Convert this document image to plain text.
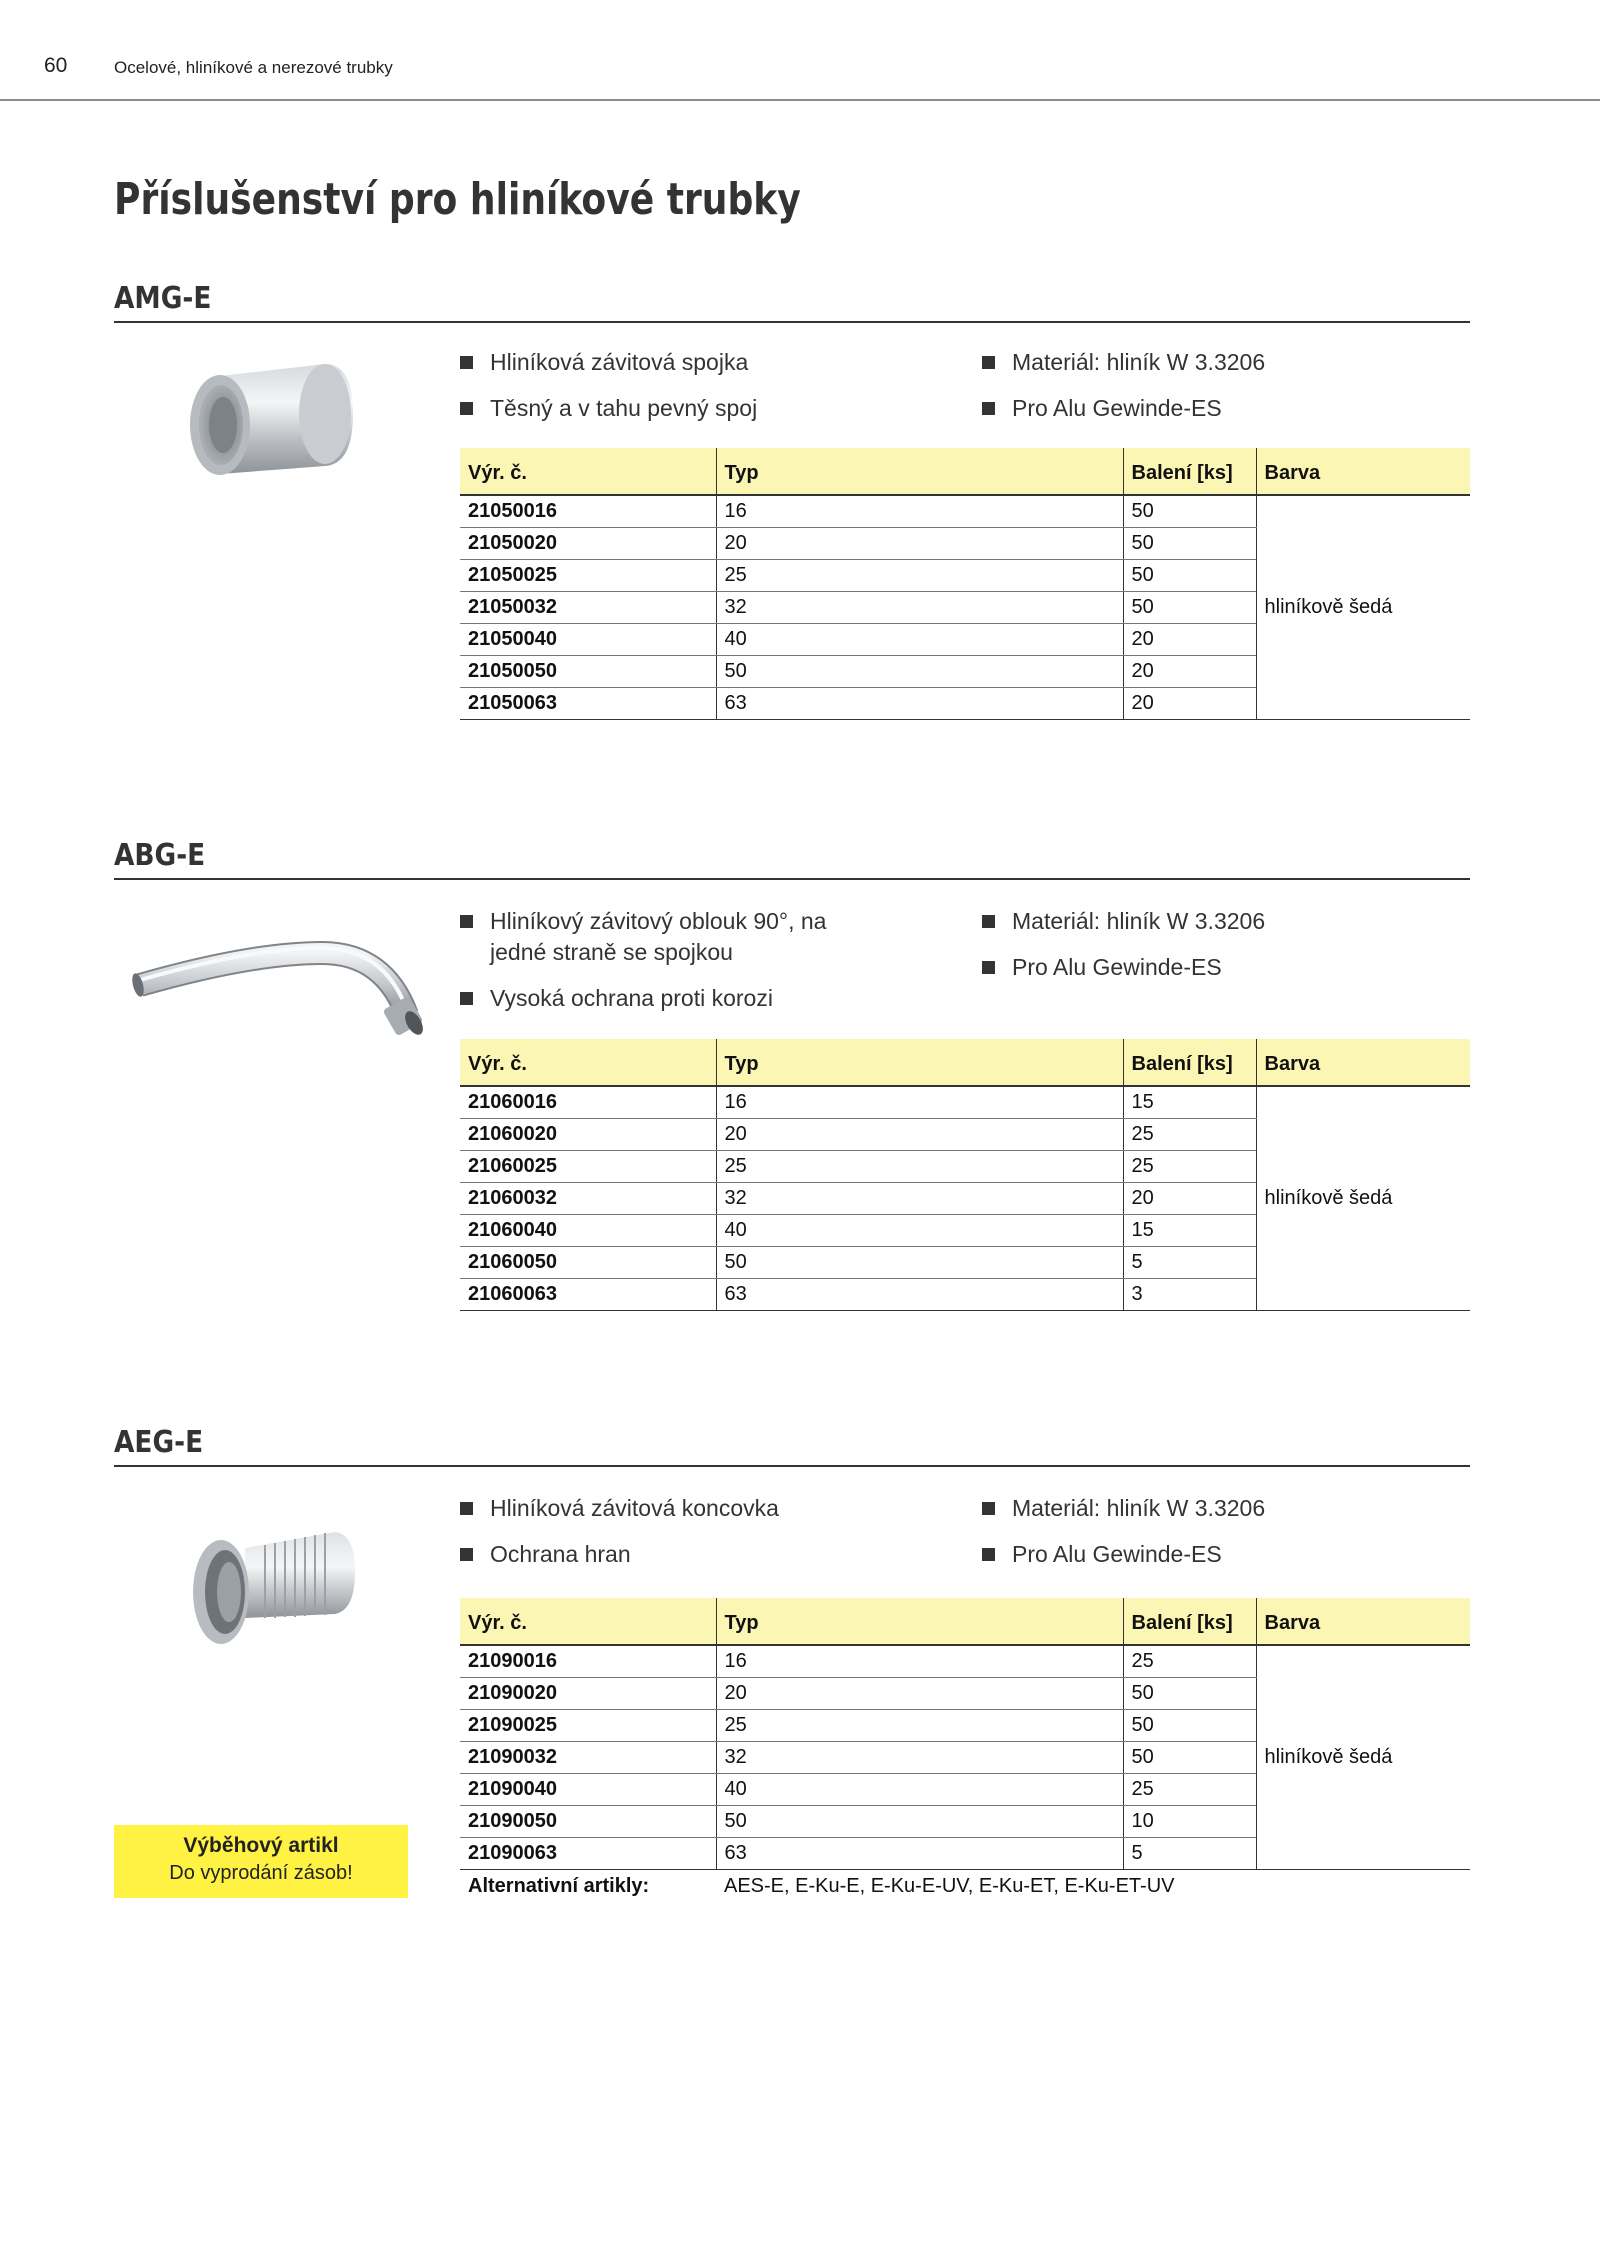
60	Ocelové, hliníkové a nerezové trubky
Příslušenství pro hliníkové trubky
AMG-E
Hliníková závitová spojka
Těsný a v tahu pevný spoj
Materiál: hliník W 3.3206
Pro Alu Gewinde-ES
Výr. č.	Typ	Balení [ks]	Barva
21050016	16	50	hliníkově šedá
21050020	20	50	
21050025	25	50	
21050032	32	50	
21050040	40	20	
21050050	50	20	
21050063	63	20	
ABG-E
Hliníkový závitový oblouk 90°, na jedné straně se spojkou
Vysoká ochrana proti korozi
Materiál: hliník W 3.3206
Pro Alu Gewinde-ES
Výr. č.	Typ	Balení [ks]	Barva
21060016	16	15	hliníkově šedá
21060020	20	25	
21060025	25	25	
21060032	32	20	
21060040	40	15	
21060050	50	5	
21060063	63	3	
AEG-E
Hliníková závitová koncovka
Ochrana hran
Materiál: hliník W 3.3206
Pro Alu Gewinde-ES
Výr. č.	Typ	Balení [ks]	Barva
21090016	16	25	hliníkově šedá
21090020	20	50	
21090025	25	50	
21090032	32	50	
21090040	40	25	
21090050	50	10	
21090063	63	5	
Alternativní artikly:	AES-E, E-Ku-E, E-Ku-E-UV, E-Ku-ET, E-Ku-ET-UV		
Výběhový artikl
Do vyprodání zásob!
